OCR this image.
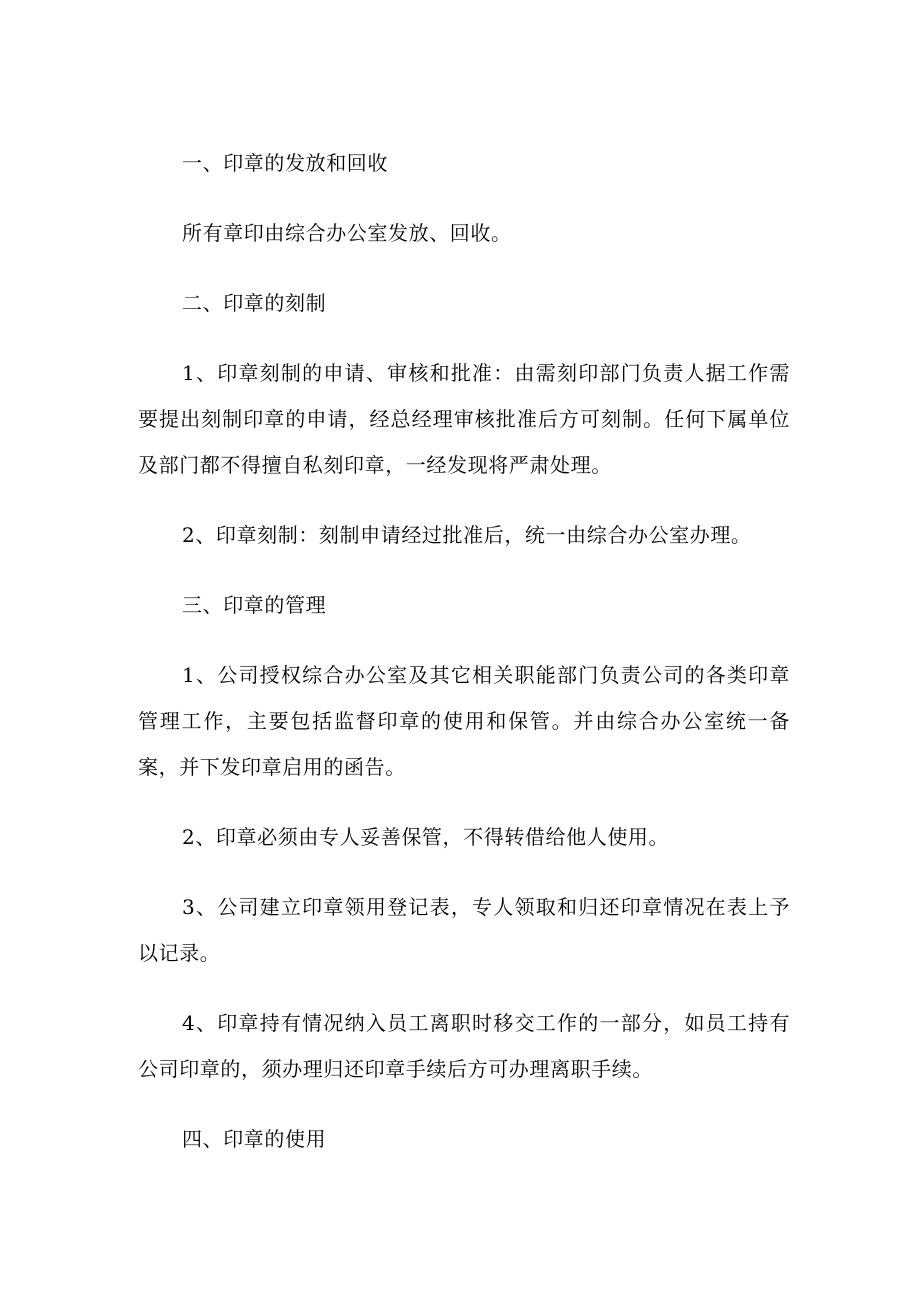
一、印章的发放和回收

所有章印由综合办公室发放、回收。

二、印章的刻制

1、印章刻制的申请、审核和批准：由需刻印部门负责人据工作需要提出刻制印章的申请，经总经理审核批准后方可刻制。任何下属单位及部门都不得擅自私刻印章，一经发现将严肃处理。

2、印章刻制：刻制申请经过批准后，统一由综合办公室办理。

三、印章的管理

1、公司授权综合办公室及其它相关职能部门负责公司的各类印章管理工作，主要包括监督印章的使用和保管。并由综合办公室统一备案，并下发印章启用的函告。

2、印章必须由专人妥善保管，不得转借给他人使用。

3、公司建立印章领用登记表，专人领取和归还印章情况在表上予以记录。

4、印章持有情况纳入员工离职时移交工作的一部分，如员工持有公司印章的，须办理归还印章手续后方可办理离职手续。

四、印章的使用
